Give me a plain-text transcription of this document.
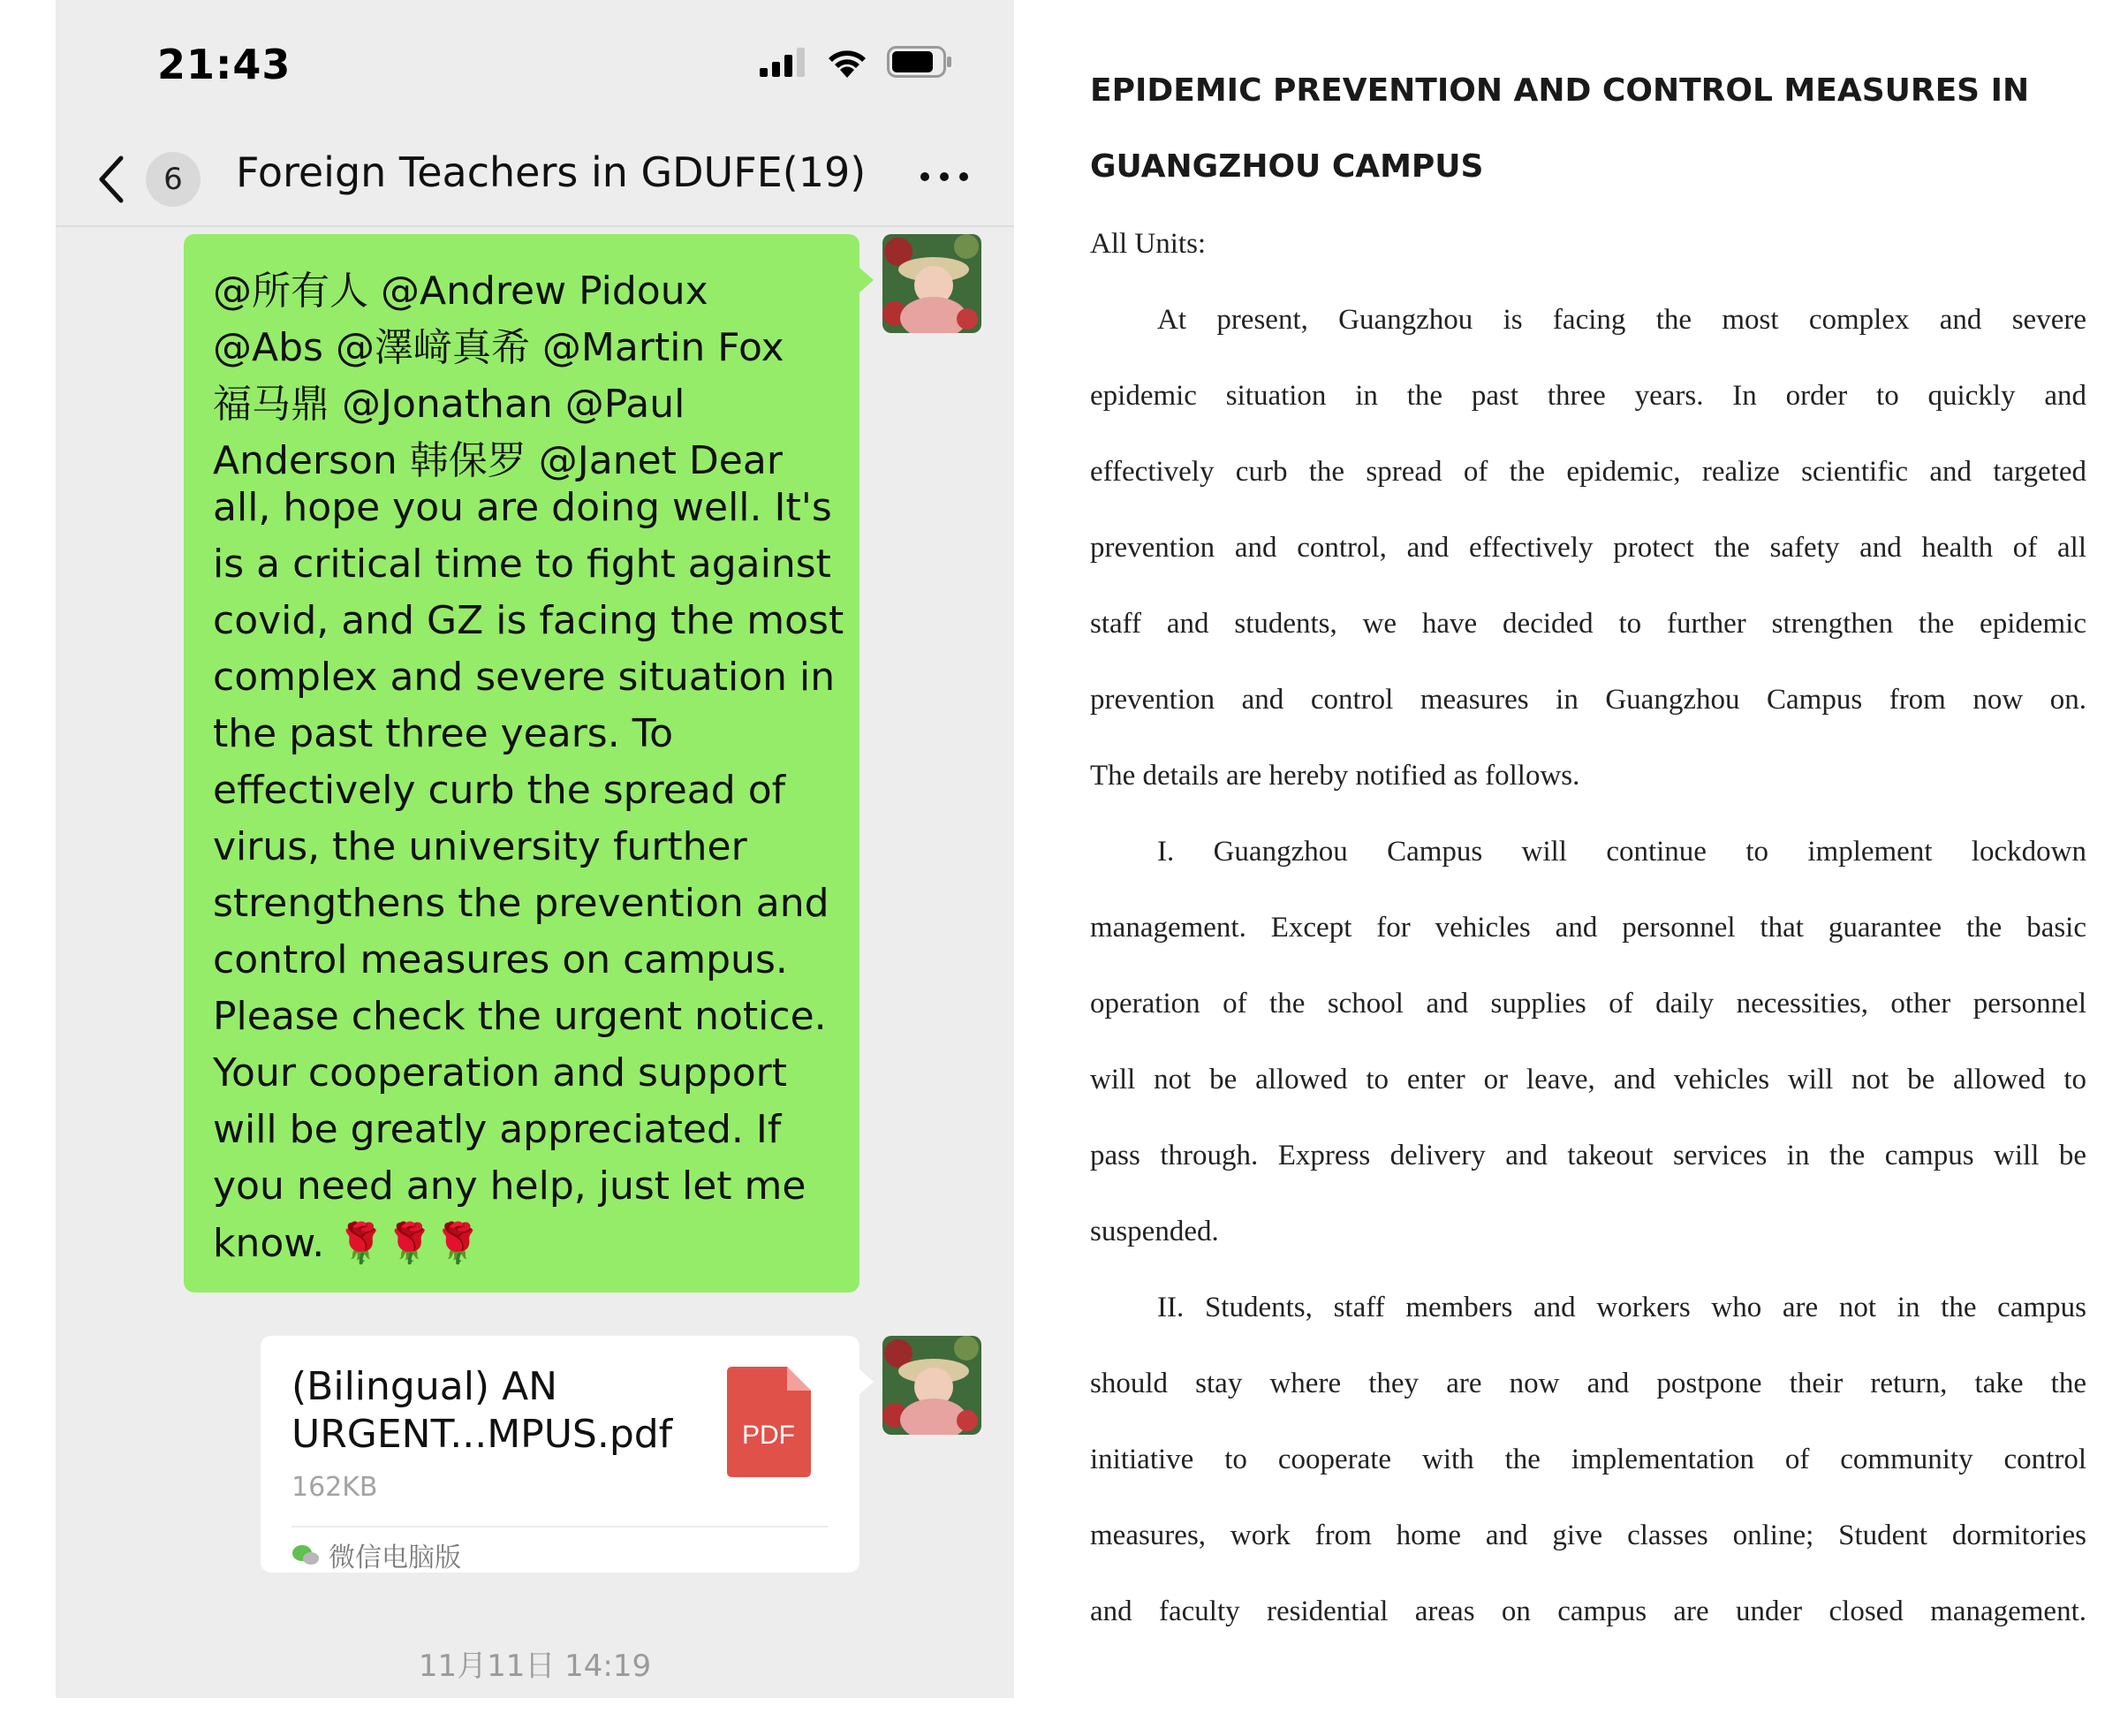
21:43
6	Foreign Teachers in GDUFE(19)
@所有人 @Andrew Pidoux
@Abs @澤﨑真希 @Martin Fox
福马鼎 @Jonathan @Paul
Anderson 韩保罗 @Janet Dear
all, hope you are doing well. It's
is a critical time to fight against
covid, and GZ is facing the most
complex and severe situation in
the past three years. To
effectively curb the spread of
virus, the university further
strengthens the prevention and
control measures on campus.
Please check the urgent notice.
Your cooperation and support
will be greatly appreciated. If
you need any help, just let me
know. 🌹🌹🌹
(Bilingual) AN
URGENT...MPUS.pdf
162KB
PDF
微信电脑版
11月11日 14:19
EPIDEMIC PREVENTION AND CONTROL MEASURES IN
GUANGZHOU CAMPUS
All Units:
At present, Guangzhou is facing the most complex and severe
epidemic situation in the past three years. In order to quickly and
effectively curb the spread of the epidemic, realize scientific and targeted
prevention and control, and effectively protect the safety and health of all
staff and students, we have decided to further strengthen the epidemic
prevention and control measures in Guangzhou Campus from now on.
The details are hereby notified as follows.
I. Guangzhou Campus will continue to implement lockdown
management. Except for vehicles and personnel that guarantee the basic
operation of the school and supplies of daily necessities, other personnel
will not be allowed to enter or leave, and vehicles will not be allowed to
pass through. Express delivery and takeout services in the campus will be
suspended.
II. Students, staff members and workers who are not in the campus
should stay where they are now and postpone their return, take the
initiative to cooperate with the implementation of community control
measures, work from home and give classes online; Student dormitories
and faculty residential areas on campus are under closed management.
